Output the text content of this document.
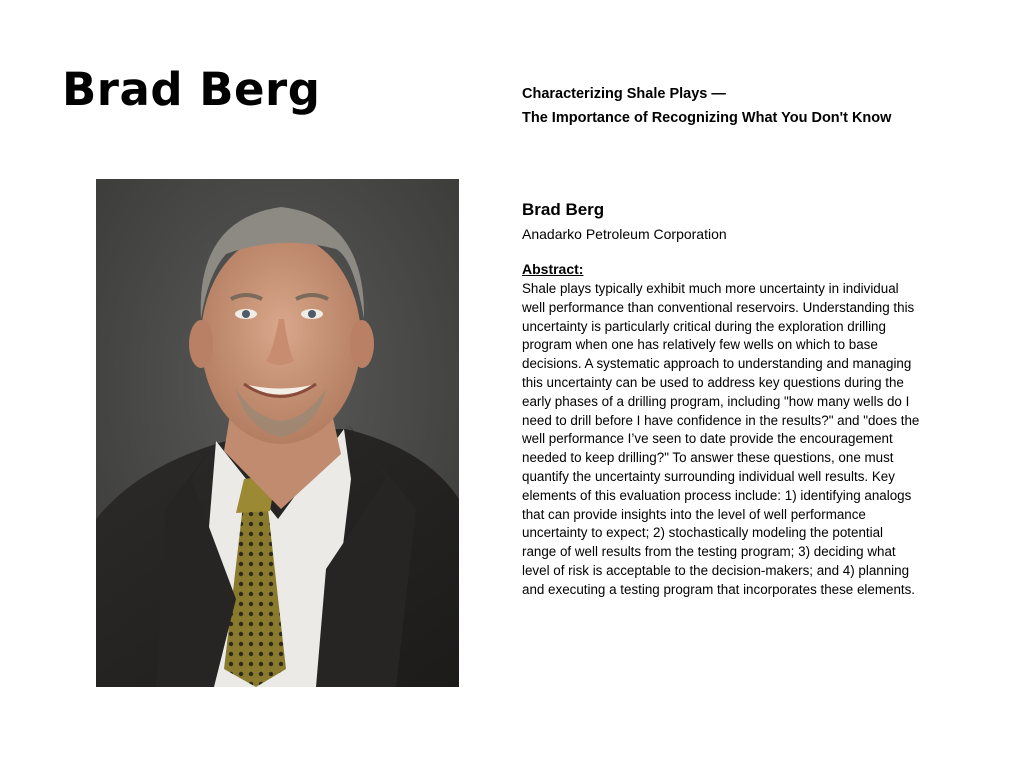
Brad Berg	Characterizing Shale Plays —
The Importance of Recognizing What You Don't Know
Brad Berg
Anadarko Petroleum Corporation
Abstract:
Shale plays typically exhibit much more uncertainty in individual
well performance than conventional reservoirs. Understanding this
uncertainty is particularly critical during the exploration drilling
program when one has relatively few wells on which to base
decisions. A systematic approach to understanding and managing
this uncertainty can be used to address key questions during the
early phases of a drilling program, including "how many wells do I
need to drill before I have confidence in the results?" and "does the
well performance I’ve seen to date provide the encouragement
needed to keep drilling?" To answer these questions, one must
quantify the uncertainty surrounding individual well results. Key
elements of this evaluation process include: 1) identifying analogs
that can provide insights into the level of well performance
uncertainty to expect; 2) stochastically modeling the potential
range of well results from the testing program; 3) deciding what
level of risk is acceptable to the decision-makers; and 4) planning
and executing a testing program that incorporates these elements.
